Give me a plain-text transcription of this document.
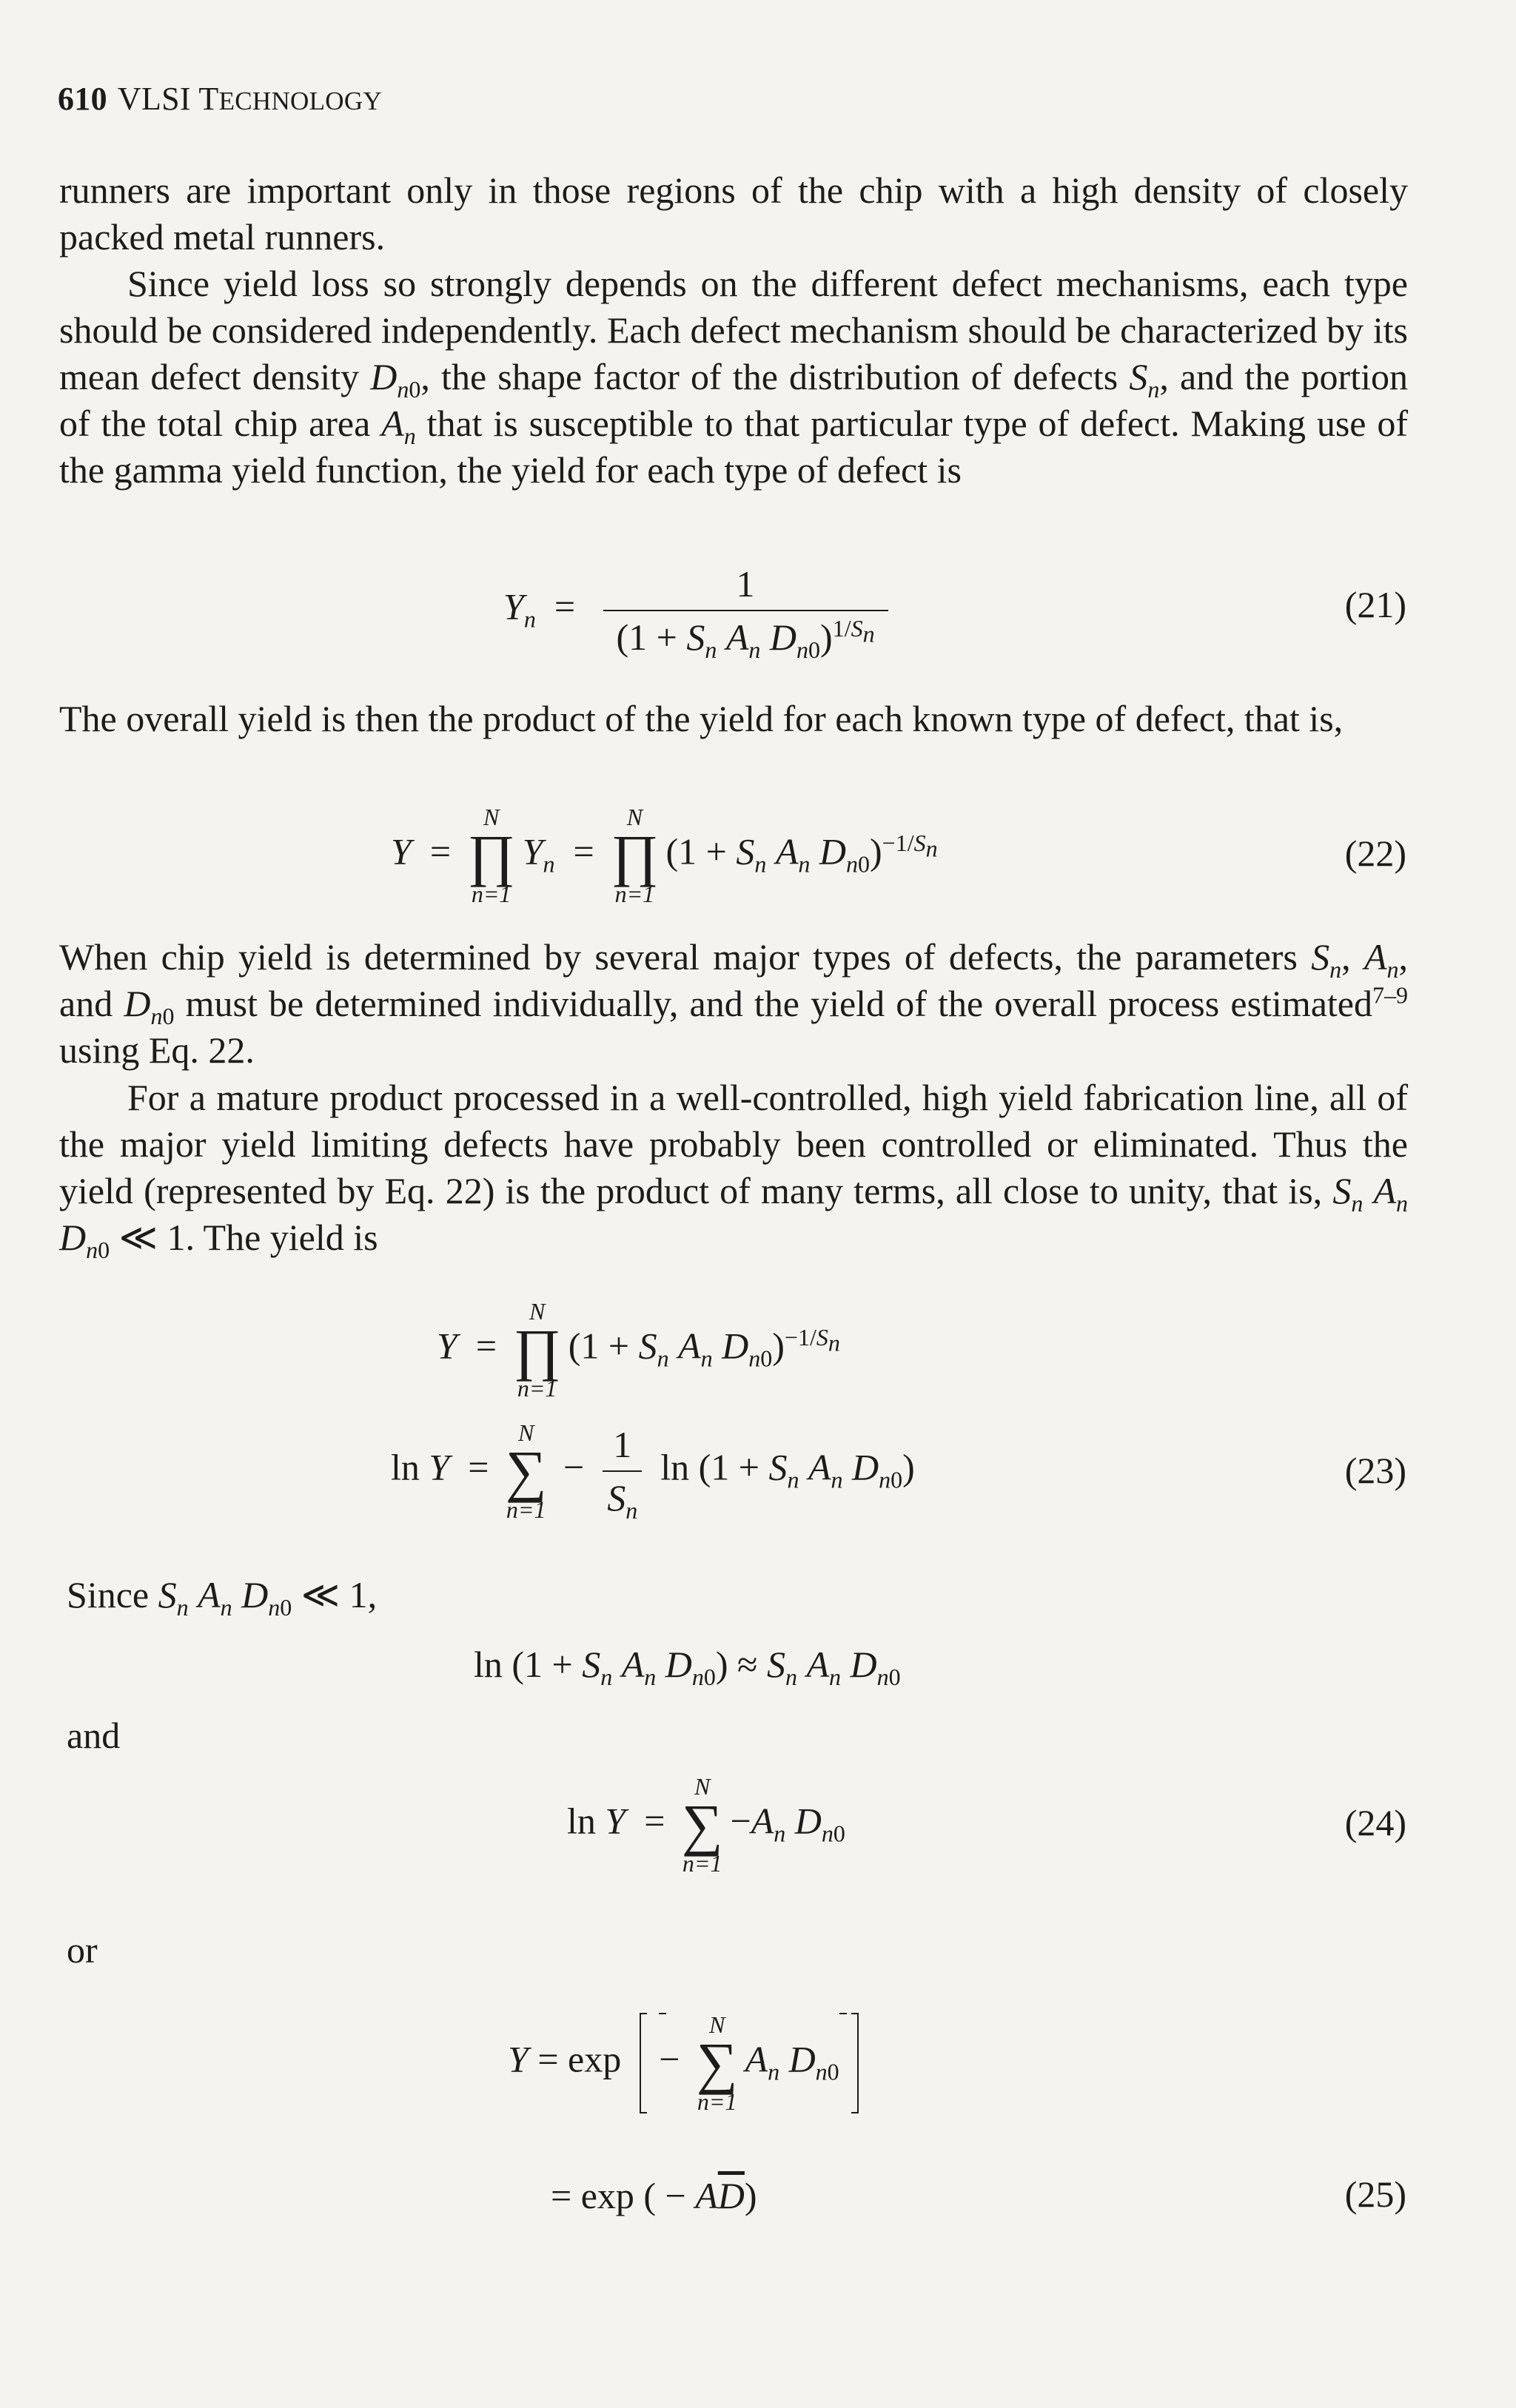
610 VLSI TECHNOLOGY

runners are important only in those regions of the chip with a high density of closely packed metal runners.

Since yield loss so strongly depends on the different defect mechanisms, each type should be considered independently. Each defect mechanism should be characterized by its mean defect density $D_{n0}$, the shape factor of the distribution of defects $S_n$, and the portion of the total chip area $A_n$ that is susceptible to that particular type of defect. Making use of the gamma yield function, the yield for each type of defect is

$Y_n = \frac{1}{(1 + S_n A_n D_{n0})^{1/S_n}}$	(21)

The overall yield is then the product of the yield for each known type of defect, that is,

Y  =
N
∏
n=1
$Y_n$  =
N
∏
n=1
($1 + S_n$ $A_n$ $D_{n0})^{-1/S_n}$	(22)

When chip yield is determined by several major types of defects, the parameters $S_n$, $A_n$, and $D_{n0}$ must be determined individually, and the yield of the overall process estimated$^{7-9}$ using Eq. 22.

For a mature product processed in a well-controlled, high yield fabrication line, all of the major yield limiting defects have probably been controlled or eliminated. Thus the yield (represented by Eq. 22) is the product of many terms, all close to unity, that is, $S_n$ $A_n$ $D_{n0}$ ≪ 1. The yield is

Y  =
N
∏
n=1
($1 + S_n$ $A_n$ $D_{n0})^{-1/S_n}$
ln Y  =
N
∑
n=1
− $\frac{1}{S_n}$ $\ln (1 + S_n$ $A_n$ $D_{n0}$)	(23)
Since $S_n$ $A_n$ $D_{n0}$ ≪ 1,
$\ln (1 + S_n$ $A_n$ $D_{n0}) \approx S_n$ $A_n$ $D_{n0}$
and
ln Y  =
N
∑
n=1
$-A_n$ $D_{n0}$	(24)
or
Y = exp
−
N
∑
n=1
$A_n$ $D_{n0}$
= exp ( − $A\overline{D}$)	(25)
